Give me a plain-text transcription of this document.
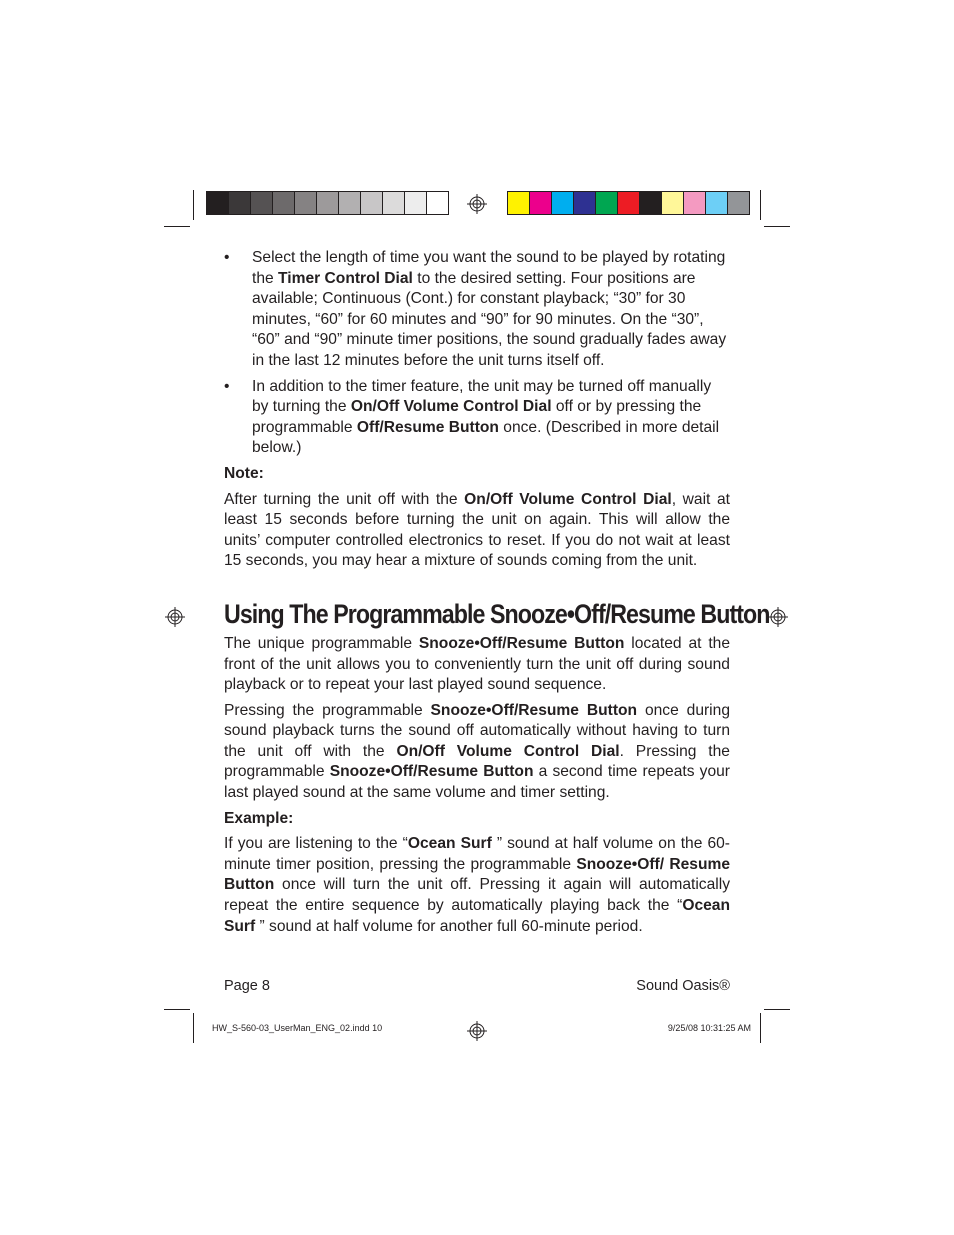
• Select the length of time you want the sound to be played by rotating the Timer Control Dial to the desired setting. Four positions are available; Continuous (Cont.) for constant playback; “30” for 30 minutes, “60” for 60 minutes and “90” for 90 minutes. On the “30”, “60” and “90” minute timer positions, the sound gradually fades away in the last 12 minutes before the unit turns itself off.
• In addition to the timer feature, the unit may be turned off manually by turning the On/Off Volume Control Dial off or by pressing the programmable Off/Resume Button once. (Described in more detail below.)
Note:
After turning the unit off with the On/Off Volume Control Dial, wait at least 15 seconds before turning the unit on again. This will allow the units’ computer controlled electronics to reset. If you do not wait at least 15 seconds, you may hear a mixture of sounds coming from the unit.
Using The Programmable Snooze•Off/Resume Button
The unique programmable Snooze•Off/Resume Button located at the front of the unit allows you to conveniently turn the unit off during sound playback or to repeat your last played sound sequence.
Pressing the programmable Snooze•Off/Resume Button once during sound playback turns the sound off automatically without having to turn the unit off with the On/Off Volume Control Dial. Pressing the programmable Snooze•Off/Resume Button a second time repeats your last played sound at the same volume and timer setting.
Example:
If you are listening to the “Ocean Surf ” sound at half volume on the 60-minute timer position, pressing the programmable Snooze•Off/ Resume Button once will turn the unit off. Pressing it again will automatically repeat the entire sequence by automatically playing back the “Ocean Surf ” sound at half volume for another full 60-minute period.
Page 8	Sound Oasis®
HW_S-560-03_UserMan_ENG_02.indd 10	9/25/08 10:31:25 AM
